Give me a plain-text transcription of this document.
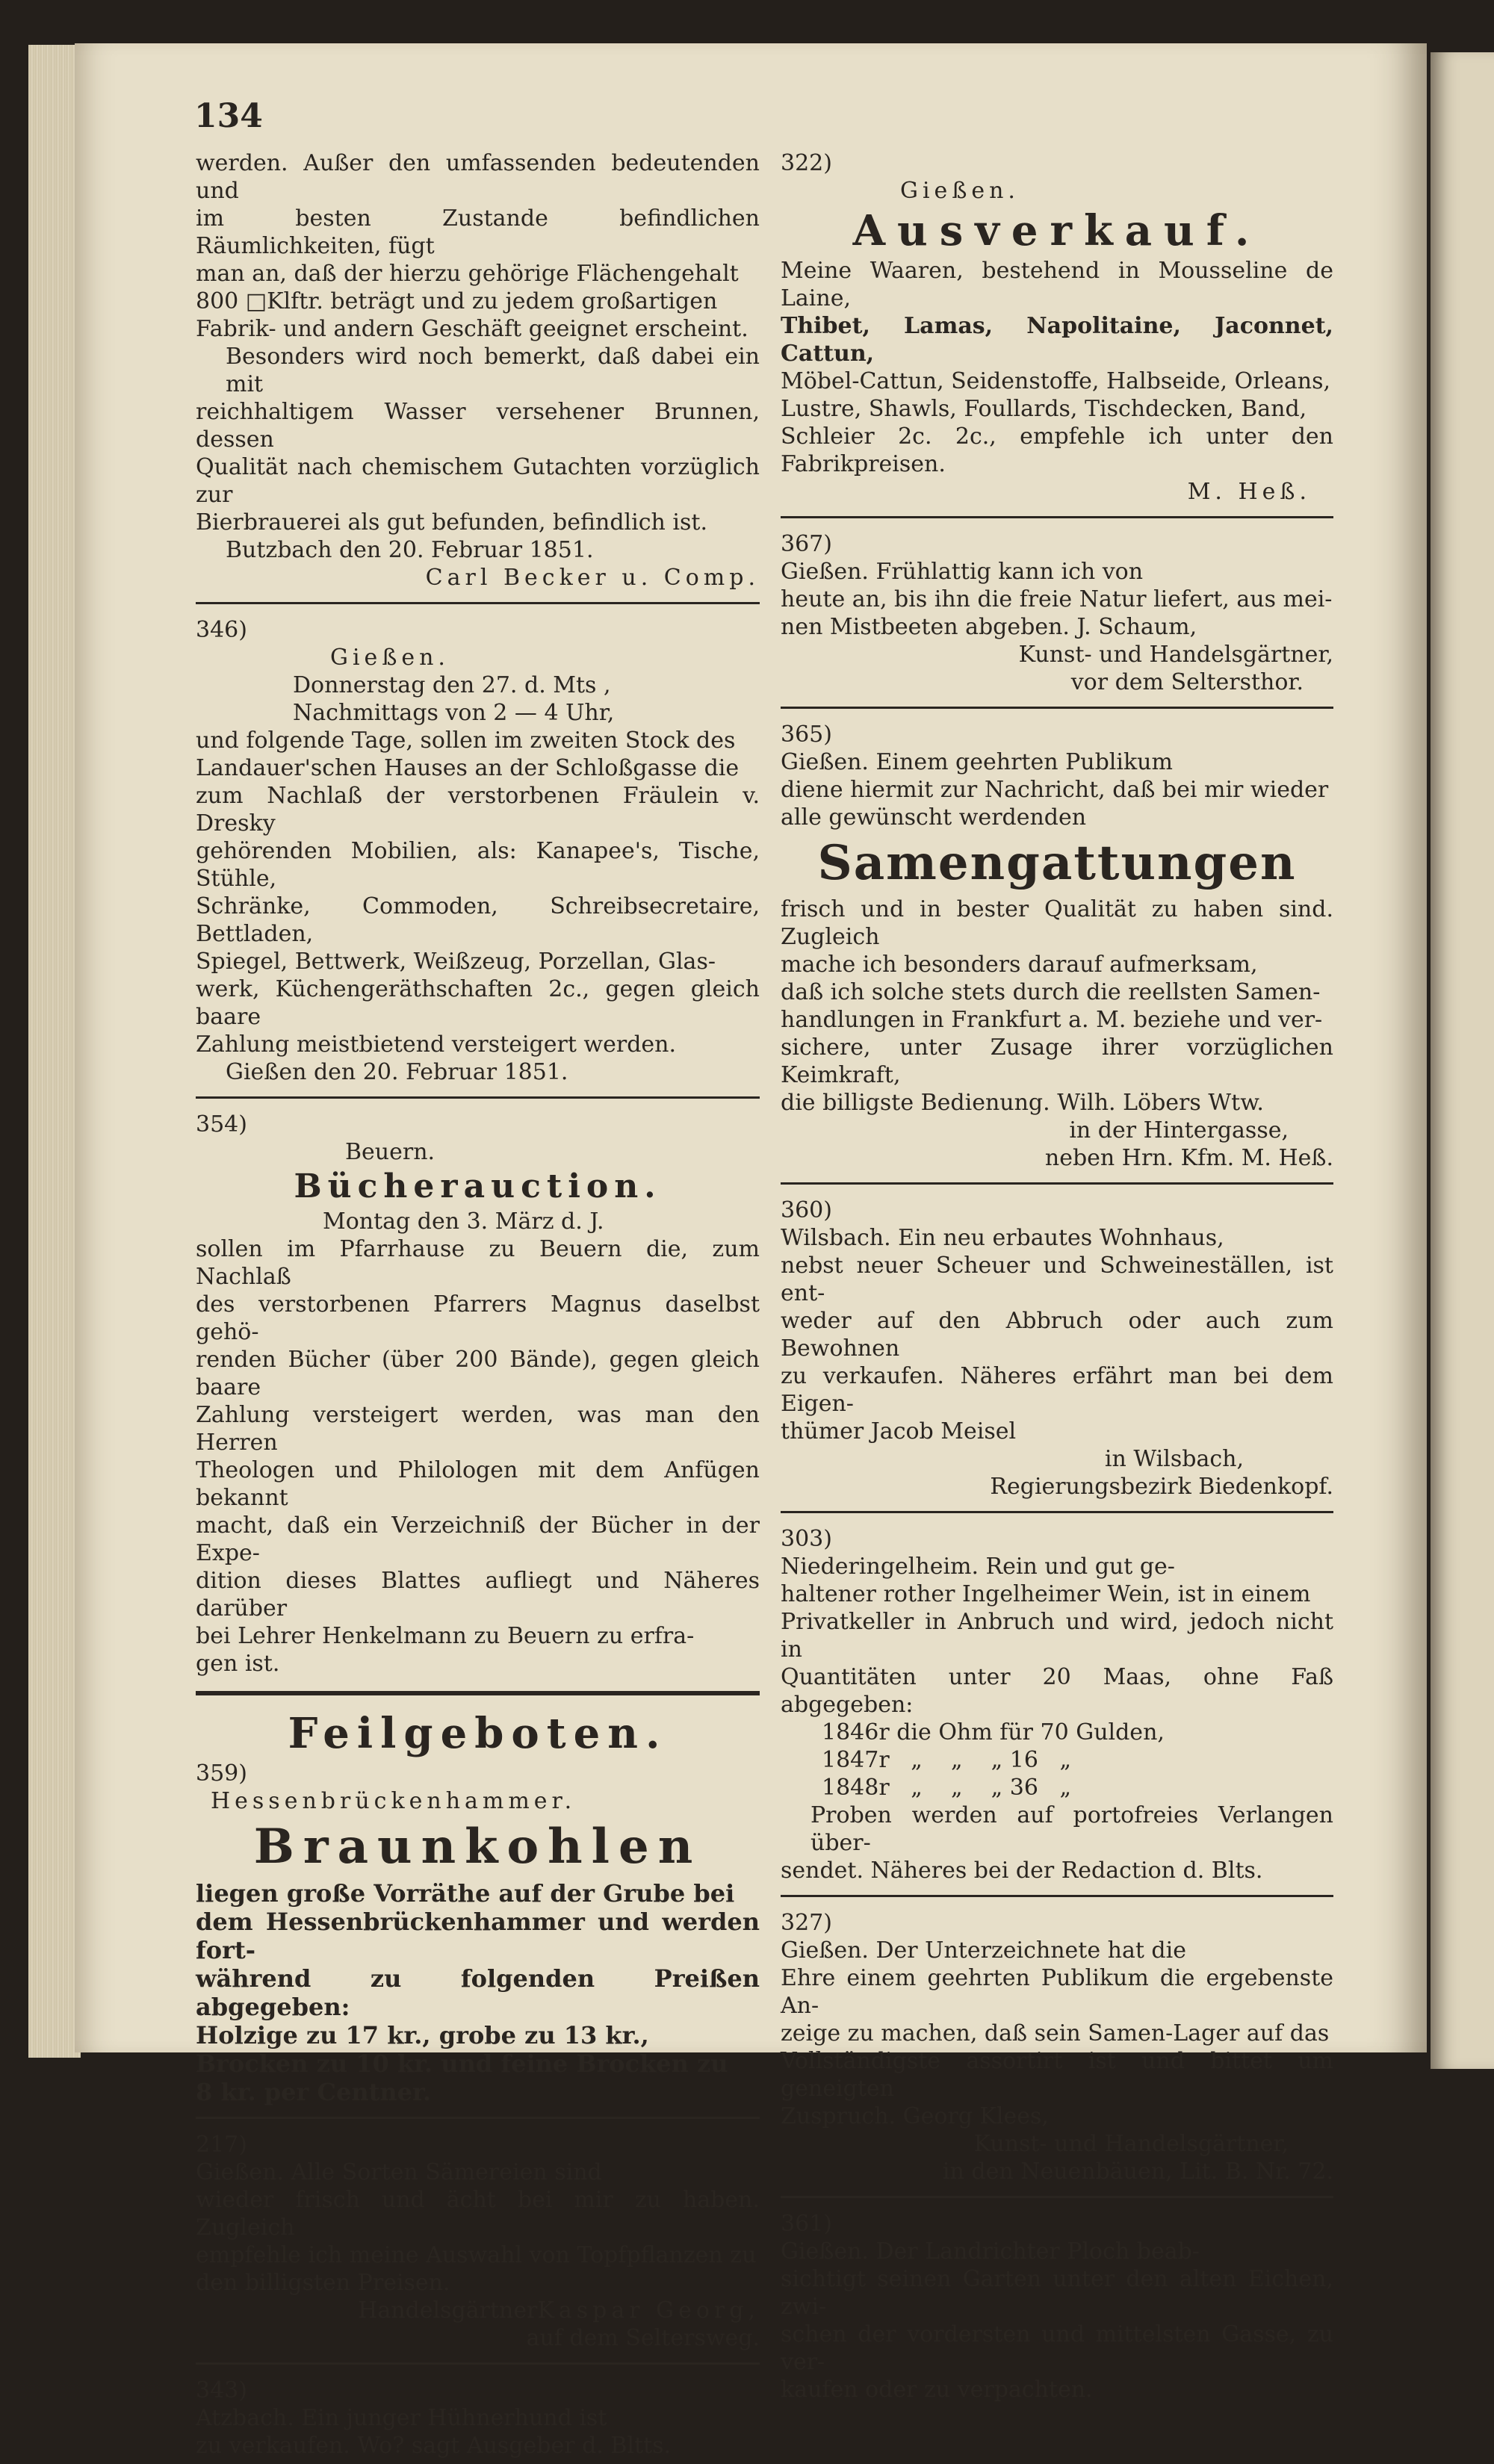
134

werden. Außer den umfassenden bedeutenden und
im besten Zustande befindlichen Räumlichkeiten, fügt
man an, daß der hierzu gehörige Flächengehalt
800 □Klftr. beträgt und zu jedem großartigen
Fabrik- und andern Geschäft geeignet erscheint.
Besonders wird noch bemerkt, daß dabei ein mit
reichhaltigem Wasser versehener Brunnen, dessen
Qualität nach chemischem Gutachten vorzüglich zur
Bierbrauerei als gut befunden, befindlich ist.
Butzbach den 20. Februar 1851.
Carl Becker u. Comp.

346)
Gießen.
Donnerstag den 27. d. Mts ,
Nachmittags von 2 — 4 Uhr,
und folgende Tage, sollen im zweiten Stock des
Landauer'schen Hauses an der Schloßgasse die
zum Nachlaß der verstorbenen Fräulein v. Dresky
gehörenden Mobilien, als: Kanapee's, Tische, Stühle,
Schränke, Commoden, Schreibsecretaire, Bettladen,
Spiegel, Bettwerk, Weißzeug, Porzellan, Glas-
werk, Küchengeräthschaften 2c., gegen gleich baare
Zahlung meistbietend versteigert werden.
Gießen den 20. Februar 1851.

354)
Beuern.

Bücherauction.

Montag den 3. März d. J.
sollen im Pfarrhause zu Beuern die, zum Nachlaß
des verstorbenen Pfarrers Magnus daselbst gehö-
renden Bücher (über 200 Bände), gegen gleich baare
Zahlung versteigert werden, was man den Herren
Theologen und Philologen mit dem Anfügen bekannt
macht, daß ein Verzeichniß der Bücher in der Expe-
dition dieses Blattes aufliegt und Näheres darüber
bei Lehrer Henkelmann zu Beuern zu erfra-
gen ist.

Feilgeboten.

359)
Hessenbrückenhammer.

Braunkohlen

liegen große Vorräthe auf der Grube bei
dem Hessenbrückenhammer und werden fort-
während zu folgenden Preißen abgegeben:
Holzige zu 17 kr., grobe zu 13 kr.,
Brocken zu 10 kr. und feine Brocken zu
8 kr. per Centner.

217)
Gießen. Alle Sorten Sämereien sind
wieder frisch und ächt bei mir zu haben. Zugleich
empfehle ich meine Auswahl von Topfpflanzen zu
den billigsten Preisen.
Kaspar Georg,
Handelsgärtner
auf dem Seltersweg.

343)
Atzbach. Ein junger Hühnerhund ist
zu verkaufen. Wo? sagt Ausgeber d. Bltts.

322)
Gießen.

Ausverkauf.

Meine Waaren, bestehend in Mousseline de Laine,
Thibet, Lamas, Napolitaine, Jaconnet, Cattun,
Möbel-Cattun, Seidenstoffe, Halbseide, Orleans,
Lustre, Shawls, Foullards, Tischdecken, Band,
Schleier 2c. 2c., empfehle ich unter den Fabrikpreisen.
M. Heß.

367)
Gießen. Frühlattig kann ich von
heute an, bis ihn die freie Natur liefert, aus mei-
nen Mistbeeten abgeben. J. Schaum,
Kunst- und Handelsgärtner,
vor dem Seltersthor.

365)
Gießen. Einem geehrten Publikum
diene hiermit zur Nachricht, daß bei mir wieder
alle gewünscht werdenden

Samengattungen

frisch und in bester Qualität zu haben sind. Zugleich
mache ich besonders darauf aufmerksam,
daß ich solche stets durch die reellsten Samen-
handlungen in Frankfurt a. M. beziehe und ver-
sichere, unter Zusage ihrer vorzüglichen Keimkraft,
die billigste Bedienung. Wilh. Löbers Wtw.
in der Hintergasse,
neben Hrn. Kfm. M. Heß.

360)
Wilsbach. Ein neu erbautes Wohnhaus,
nebst neuer Scheuer und Schweineställen, ist ent-
weder auf den Abbruch oder auch zum Bewohnen
zu verkaufen. Näheres erfährt man bei dem Eigen-
thümer Jacob Meisel
in Wilsbach,
Regierungsbezirk Biedenkopf.

303)
Niederingelheim. Rein und gut ge-
haltener rother Ingelheimer Wein, ist in einem
Privatkeller in Anbruch und wird, jedoch nicht in
Quantitäten unter 20 Maas, ohne Faß abgegeben:
1846r die Ohm für 70 Gulden,
1847r   „    „    „ 16   „
1848r   „    „    „ 36   „
Proben werden auf portofreies Verlangen über-
sendet. Näheres bei der Redaction d. Blts.

327)
Gießen. Der Unterzeichnete hat die
Ehre einem geehrten Publikum die ergebenste An-
zeige zu machen, daß sein Samen-Lager auf das
Vollständigste assortirt ist und bittet um geneigten
Zuspruch. Georg Klees,
Kunst- und Handelsgärtner,
in den Neuenbäuen, Lit. B. Nr. 72.

361)
Gießen. Der Landrichter Ploch beab-
sichtigt seinen Garten unter den alten Eichen, zwi-
schen der vordersten und mittelsten Gasse, zu ver-
kaufen oder zu verpachten.
